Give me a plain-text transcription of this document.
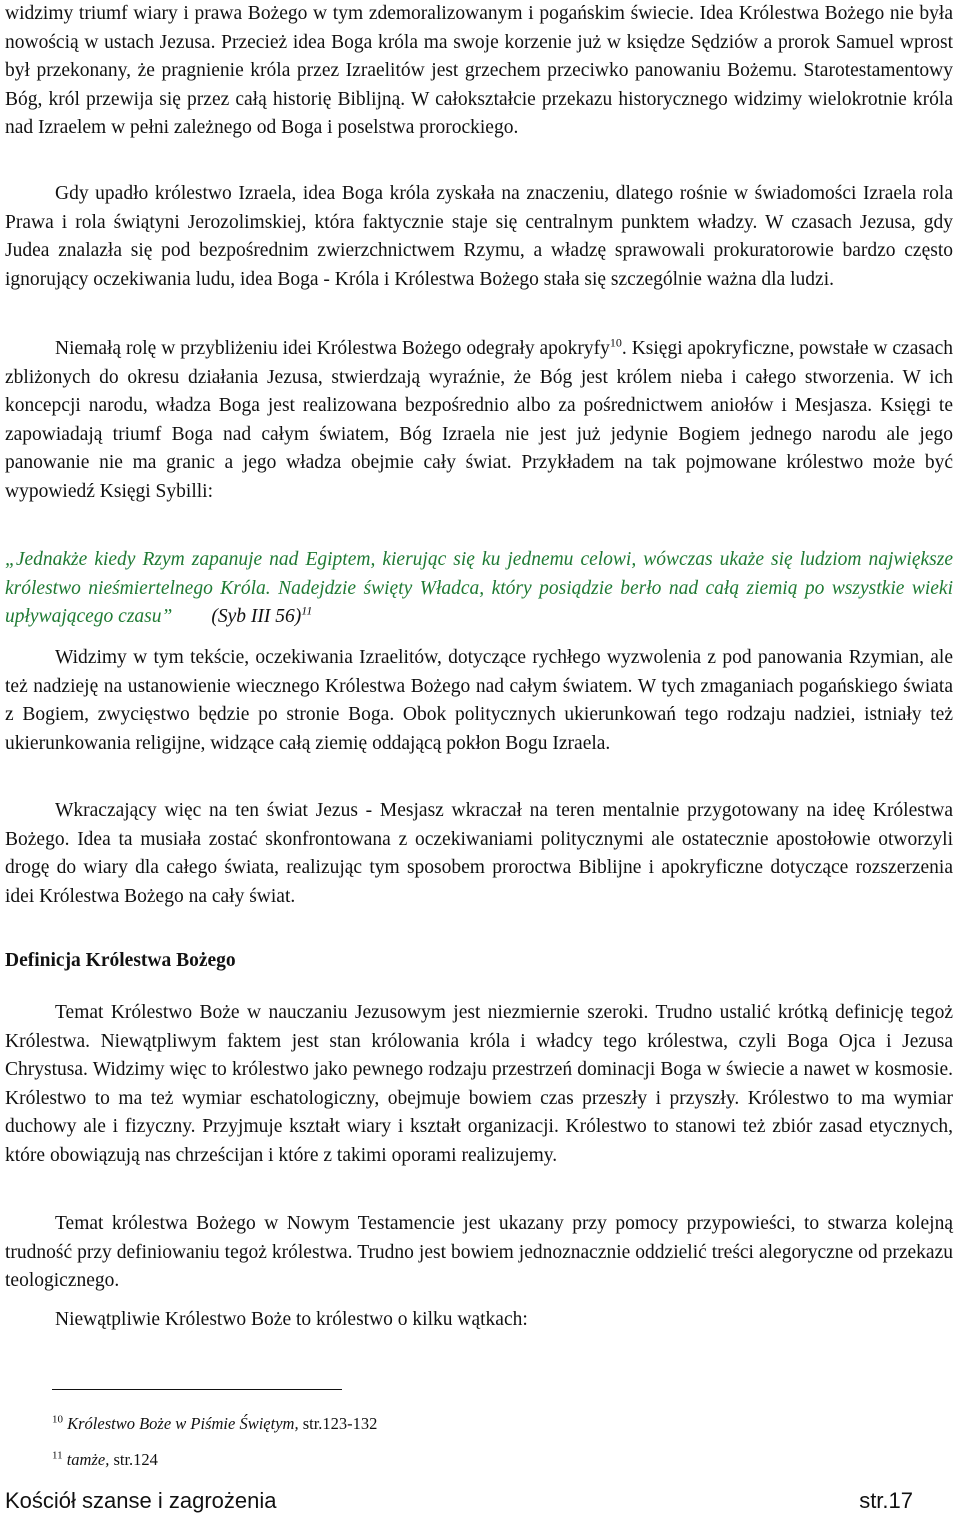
widzimy triumf wiary i prawa Bożego w tym zdemoralizowanym i pogańskim świecie. Idea Królestwa Bożego nie była nowością w ustach Jezusa. Przecież idea Boga króla ma swoje korzenie już w księdze Sędziów a prorok Samuel wprost był przekonany, że pragnienie króla przez Izraelitów jest grzechem przeciwko panowaniu Bożemu. Starotestamentowy Bóg, król przewija się przez całą historię Biblijną. W całokształcie przekazu historycznego widzimy wielokrotnie króla nad Izraelem w pełni zależnego od Boga i poselstwa prorockiego.

Gdy upadło królestwo Izraela, idea Boga króla zyskała na znaczeniu, dlatego rośnie w świadomości Izraela rola Prawa i rola świątyni Jerozolimskiej, która faktycznie staje się centralnym punktem władzy. W czasach Jezusa, gdy Judea znalazła się pod bezpośrednim zwierzchnictwem Rzymu, a władzę sprawowali prokuratorowie bardzo często ignorujący oczekiwania ludu, idea Boga - Króla i Królestwa Bożego stała się szczególnie ważna dla ludzi.

Niemałą rolę w przybliżeniu idei Królestwa Bożego odegrały apokryfy$^{10}$. Księgi apokryficzne, powstałe w czasach zbliżonych do okresu działania Jezusa, stwierdzają wyraźnie, że Bóg jest królem nieba i całego stworzenia. W ich koncepcji narodu, władza Boga jest realizowana bezpośrednio albo za pośrednictwem aniołów i Mesjasza. Księgi te zapowiadają triumf Boga nad całym światem, Bóg Izraela nie jest już jedynie Bogiem jednego narodu ale jego panowanie nie ma granic a jego władza obejmie cały świat. Przykładem na tak pojmowane królestwo może być wypowiedź Księgi Sybilli:

„Jednakże kiedy Rzym zapanuje nad Egiptem, kierując się ku jednemu celowi, wówczas ukaże się ludziom największe królestwo nieśmiertelnego Króla. Nadejdzie święty Władca, który posiądzie berło nad całą ziemią po wszystkie wieki upływającego czasu” (Syb III 56)$^{11}$

Widzimy w tym tekście, oczekiwania Izraelitów, dotyczące rychłego wyzwolenia z pod panowania Rzymian, ale też nadzieję na ustanowienie wiecznego Królestwa Bożego nad całym światem. W tych zmaganiach pogańskiego świata z Bogiem, zwycięstwo będzie po stronie Boga. Obok politycznych ukierunkowań tego rodzaju nadziei, istniały też ukierunkowania religijne, widzące całą ziemię oddającą pokłon Bogu Izraela.

Wkraczający więc na ten świat Jezus - Mesjasz wkraczał na teren mentalnie przygotowany na ideę Królestwa Bożego. Idea ta musiała zostać skonfrontowana z oczekiwaniami politycznymi ale ostatecznie apostołowie otworzyli drogę do wiary dla całego świata, realizując tym sposobem proroctwa Biblijne i apokryficzne dotyczące rozszerzenia idei Królestwa Bożego na cały świat.

Definicja Królestwa Bożego

Temat Królestwo Boże w nauczaniu Jezusowym jest niezmiernie szeroki. Trudno ustalić krótką definicję tegoż Królestwa. Niewątpliwym faktem jest stan królowania króla i władcy tego królestwa, czyli Boga Ojca i Jezusa Chrystusa. Widzimy więc to królestwo jako pewnego rodzaju przestrzeń dominacji Boga w świecie a nawet w kosmosie. Królestwo to ma też wymiar eschatologiczny, obejmuje bowiem czas przeszły i przyszły. Królestwo to ma wymiar duchowy ale i fizyczny. Przyjmuje kształt wiary i kształt organizacji. Królestwo to stanowi też zbiór zasad etycznych, które obowiązują nas chrześcijan i które z takimi oporami realizujemy.

Temat królestwa Bożego w Nowym Testamencie jest ukazany przy pomocy przypowieści, to stwarza kolejną trudność przy definiowaniu tegoż królestwa. Trudno jest bowiem jednoznacznie oddzielić treści alegoryczne od przekazu teologicznego.

Niewątpliwie Królestwo Boże to królestwo o kilku wątkach:

$^{10}$ Królestwo Boże w Piśmie Świętym, str.123-132
$^{11}$ tamże, str.124
Kościół szanse i zagrożenia	str.17
